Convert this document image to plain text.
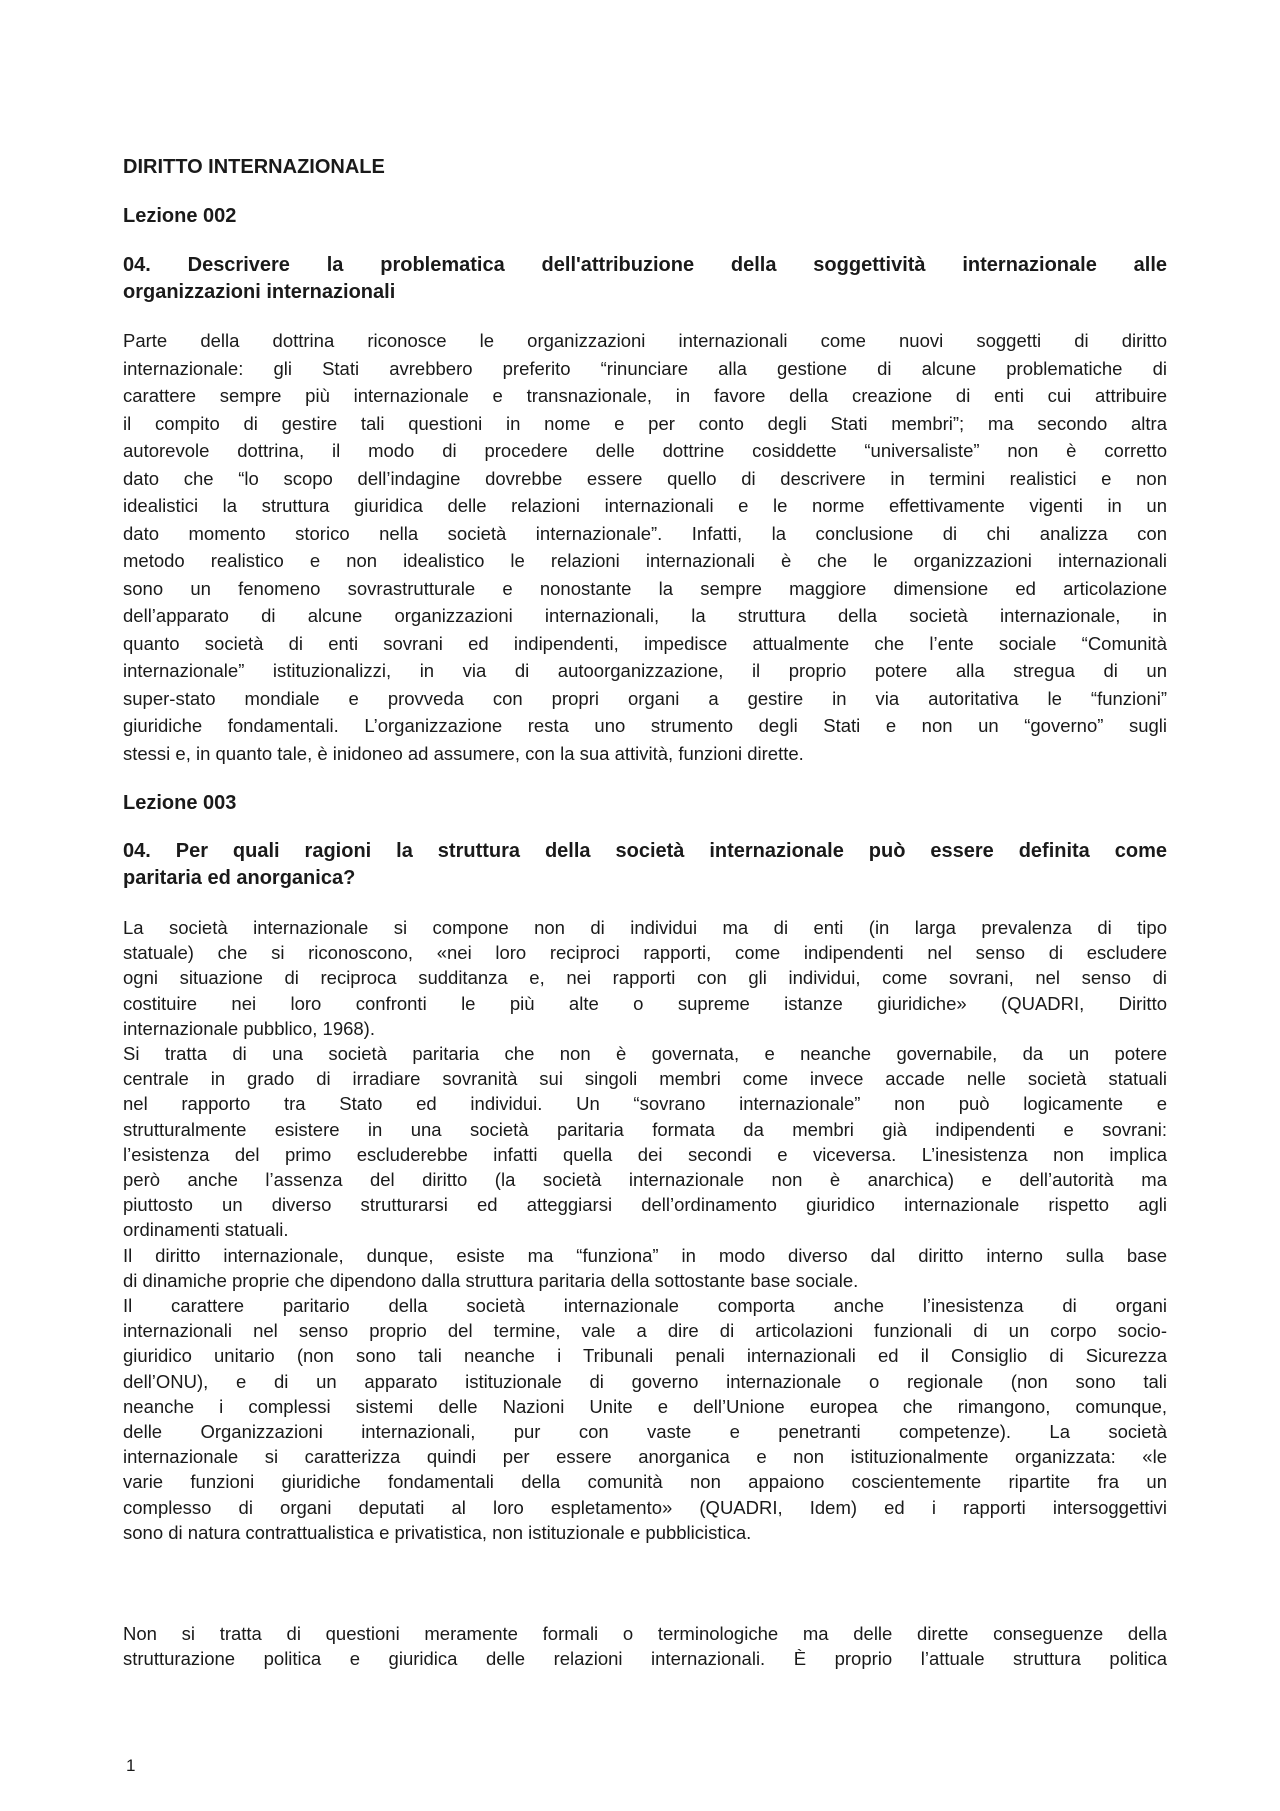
DIRITTO INTERNAZIONALE
Lezione 002
04. Descrivere la problematica dell'attribuzione della soggettività internazionale alle
organizzazioni internazionali
Parte della dottrina riconosce le organizzazioni internazionali come nuovi soggetti di diritto
internazionale: gli Stati avrebbero preferito “rinunciare alla gestione di alcune problematiche di
carattere sempre più internazionale e transnazionale, in favore della creazione di enti cui attribuire
il compito di gestire tali questioni in nome e per conto degli Stati membri”; ma secondo altra
autorevole dottrina, il modo di procedere delle dottrine cosiddette “universaliste” non è corretto
dato che “lo scopo dell’indagine dovrebbe essere quello di descrivere in termini realistici e non
idealistici la struttura giuridica delle relazioni internazionali e le norme effettivamente vigenti in un
dato momento storico nella società internazionale”. Infatti, la conclusione di chi analizza con
metodo realistico e non idealistico le relazioni internazionali è che le organizzazioni internazionali
sono un fenomeno sovrastrutturale e nonostante la sempre maggiore dimensione ed articolazione
dell’apparato di alcune organizzazioni internazionali, la struttura della società internazionale, in
quanto società di enti sovrani ed indipendenti, impedisce attualmente che l’ente sociale “Comunità
internazionale” istituzionalizzi, in via di autoorganizzazione, il proprio potere alla stregua di un
super-stato mondiale e provveda con propri organi a gestire in via autoritativa le “funzioni”
giuridiche fondamentali. L’organizzazione resta uno strumento degli Stati e non un “governo” sugli
stessi e, in quanto tale, è inidoneo ad assumere, con la sua attività, funzioni dirette.
Lezione 003
04. Per quali ragioni la struttura della società internazionale può essere definita come
paritaria ed anorganica?
La società internazionale si compone non di individui ma di enti (in larga prevalenza di tipo
statuale) che si riconoscono, «nei loro reciproci rapporti, come indipendenti nel senso di escludere
ogni situazione di reciproca sudditanza e, nei rapporti con gli individui, come sovrani, nel senso di
costituire nei loro confronti le più alte o supreme istanze giuridiche» (QUADRI, Diritto
internazionale pubblico, 1968).
Si tratta di una società paritaria che non è governata, e neanche governabile, da un potere
centrale in grado di irradiare sovranità sui singoli membri come invece accade nelle società statuali
nel rapporto tra Stato ed individui. Un “sovrano internazionale” non può logicamente e
strutturalmente esistere in una società paritaria formata da membri già indipendenti e sovrani:
l’esistenza del primo escluderebbe infatti quella dei secondi e viceversa. L’inesistenza non implica
però anche l’assenza del diritto (la società internazionale non è anarchica) e dell’autorità ma
piuttosto un diverso strutturarsi ed atteggiarsi dell’ordinamento giuridico internazionale rispetto agli
ordinamenti statuali.
Il diritto internazionale, dunque, esiste ma “funziona” in modo diverso dal diritto interno sulla base
di dinamiche proprie che dipendono dalla struttura paritaria della sottostante base sociale.
Il carattere paritario della società internazionale comporta anche l’inesistenza di organi
internazionali nel senso proprio del termine, vale a dire di articolazioni funzionali di un corpo socio-
giuridico unitario (non sono tali neanche i Tribunali penali internazionali ed il Consiglio di Sicurezza
dell’ONU), e di un apparato istituzionale di governo internazionale o regionale (non sono tali
neanche i complessi sistemi delle Nazioni Unite e dell’Unione europea che rimangono, comunque,
delle Organizzazioni internazionali, pur con vaste e penetranti competenze). La società
internazionale si caratterizza quindi per essere anorganica e non istituzionalmente organizzata: «le
varie funzioni giuridiche fondamentali della comunità non appaiono coscientemente ripartite fra un
complesso di organi deputati al loro espletamento» (QUADRI, Idem) ed i rapporti intersoggettivi
sono di natura contrattualistica e privatistica, non istituzionale e pubblicistica.
Non si tratta di questioni meramente formali o terminologiche ma delle dirette conseguenze della
strutturazione politica e giuridica delle relazioni internazionali. È proprio l’attuale struttura politica
1
